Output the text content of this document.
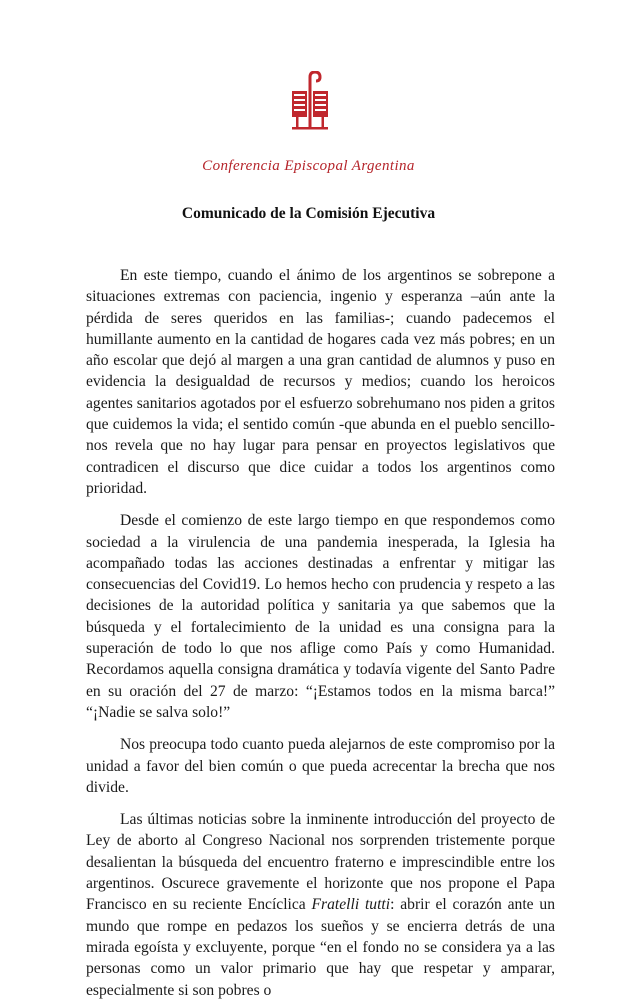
Conferencia Episcopal Argentina
Comunicado de la Comisión Ejecutiva

En este tiempo, cuando el ánimo de los argentinos se sobrepone a situaciones extremas con paciencia, ingenio y esperanza –aún ante la pérdida de seres queridos en las familias-; cuando padecemos el humillante aumento en la cantidad de hogares cada vez más pobres; en un año escolar que dejó al margen a una gran cantidad de alumnos y puso en evidencia la desigualdad de recursos y medios; cuando los heroicos agentes sanitarios agotados por el esfuerzo sobrehumano nos piden a gritos que cuidemos la vida; el sentido común -que abunda en el pueblo sencillo- nos revela que no hay lugar para pensar en proyectos legislativos que contradicen el discurso que dice cuidar a todos los argentinos como prioridad.

Desde el comienzo de este largo tiempo en que respondemos como sociedad a la virulencia de una pandemia inesperada, la Iglesia ha acompañado todas las acciones destinadas a enfrentar y mitigar las consecuencias del Covid19. Lo hemos hecho con prudencia y respeto a las decisiones de la autoridad política y sanitaria ya que sabemos que la búsqueda y el fortalecimiento de la unidad es una consigna para la superación de todo lo que nos aflige como País y como Humanidad. Recordamos aquella consigna dramática y todavía vigente del Santo Padre en su oración del 27 de marzo: “¡Estamos todos en la misma barca!” “¡Nadie se salva solo!”

Nos preocupa todo cuanto pueda alejarnos de este compromiso por la unidad a favor del bien común o que pueda acrecentar la brecha que nos divide.

Las últimas noticias sobre la inminente introducción del proyecto de Ley de aborto al Congreso Nacional nos sorprenden tristemente porque desalientan la búsqueda del encuentro fraterno e imprescindible entre los argentinos. Oscurece gravemente el horizonte que nos propone el Papa Francisco en su reciente Encíclica Fratelli tutti: abrir el corazón ante un mundo que rompe en pedazos los sueños y se encierra detrás de una mirada egoísta y excluyente, porque “en el fondo no se considera ya a las personas como un valor primario que hay que respetar y amparar, especialmente si son pobres o
